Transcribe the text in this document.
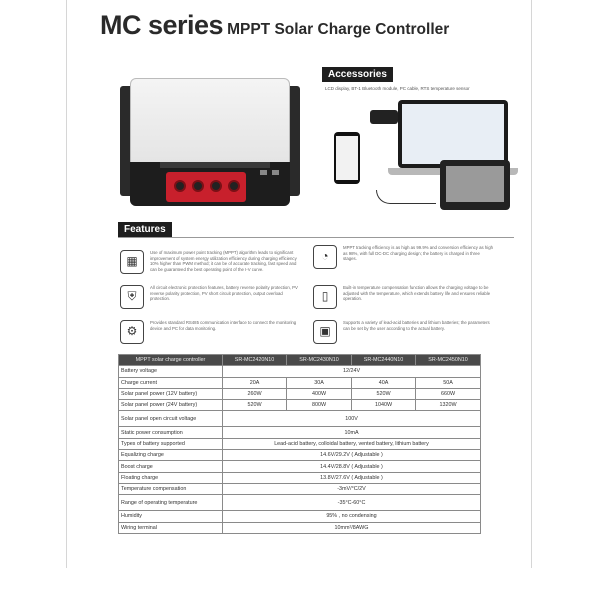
MC series MPPT Solar Charge Controller
Accessories
LCD display, BT-1 Bluetooth module, PC cable, RTS temperature sensor
Features
▦
Use of maximum power point tracking (MPPT) algorithm leads to significant improvement of system energy utilization efficiency during charging efficiency 10% higher than PWM method; it can be of accurate tracking, fast speed and can be guaranteed the best operating point of the I-V curve.
◔
MPPT tracking efficiency is as high as 99.9% and conversion efficiency as high as 98%, with full DC-DC charging design; the battery is charged in three stages.
⛨
All circuit electronic protection features, battery reverse polarity protection, PV reverse polarity protection, PV short circuit protection, output overload protection.	▯
Built-in temperature compensation function allows the charging voltage to be adjusted with the temperature, which extends battery life and ensures reliable operation.
⚙
Provides standard RS485 communication interface to connect the monitoring device and PC for data monitoring.	▣
Supports a variety of lead-acid batteries and lithium batteries; the parameters can be set by the user according to the actual battery.
MPPT solar charge controller	SR-MC2420N10	SR-MC2430N10	SR-MC2440N10	SR-MC2450N10
Battery voltage	12/24V			
Charge current	20A	30A	40A	50A
Solar panel power (12V battery)	260W	400W	520W	660W
Solar panel power (24V battery)	520W	800W	1040W	1320W
Solar panel open circuit voltage	100V			
Static power consumption	10mA			
Types of battery supported	Lead-acid battery, colloidal battery, vented battery, lithium battery			
Equalizing charge	14.6V/29.2V ( Adjustable )			
Boost charge	14.4V/28.8V ( Adjustable )			
Floating charge	13.8V/27.6V ( Adjustable )			
Temperature compensation	-3mV/°C/2V			
Range of operating temperature	-35°C-60°C			
Humidity	95% , no condensing			
Wiring terminal	10mm²/8AWG			
